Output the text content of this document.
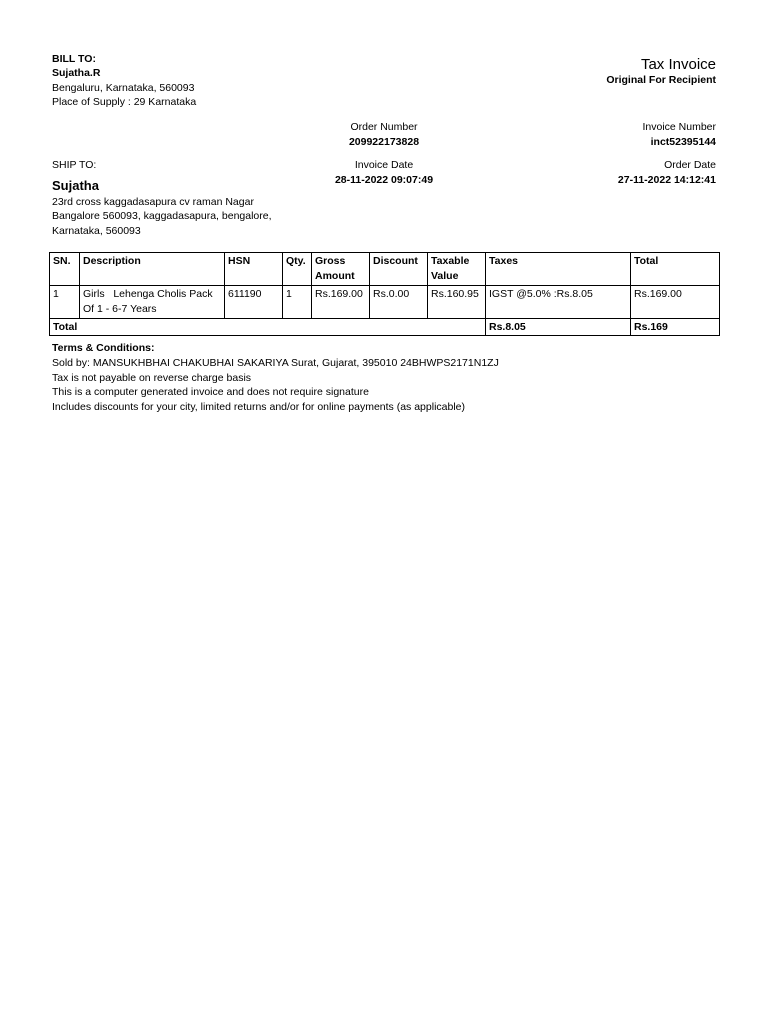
BILL TO:
Sujatha.R
Bengaluru, Karnataka, 560093
Place of Supply : 29 Karnataka
Tax Invoice
Original For Recipient
Order Number
209922173828
Invoice Number
inct52395144
Invoice Date
28-11-2022 09:07:49
Order Date
27-11-2022 14:12:41
SHIP TO:
Sujatha
23rd cross kaggadasapura cv raman Nagar
Bangalore 560093, kaggadasapura, bengalore,
Karnataka, 560093
SN.	Description	HSN	Qty.	Gross Amount	Discount	Taxable Value	Taxes	Total
1	Girls   Lehenga Cholis Pack Of 1 - 6-7 Years	611190	1	Rs.169.00	Rs.0.00	Rs.160.95	IGST @5.0% :Rs.8.05	Rs.169.00
Total							Rs.8.05	Rs.169
Terms & Conditions:
Sold by: MANSUKHBHAI CHAKUBHAI SAKARIYA Surat, Gujarat, 395010 24BHWPS2171N1ZJ
Tax is not payable on reverse charge basis
This is a computer generated invoice and does not require signature
Includes discounts for your city, limited returns and/or for online payments (as applicable)
